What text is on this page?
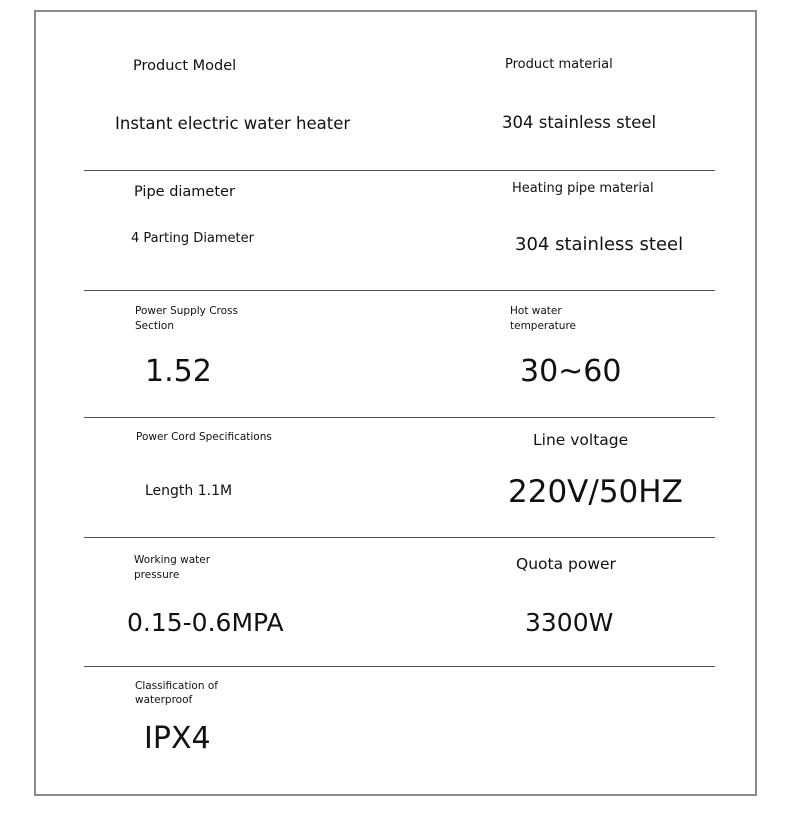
Product Model
Instant electric water heater
Product material
304 stainless steel
Pipe diameter
4 Parting Diameter
Heating pipe material
304 stainless steel
Power Supply Cross
Section
1.52
Hot water
temperature
30~60
Power Cord Specifications
Length 1.1M
Line voltage
220V/50HZ
Working water
pressure
0.15-0.6MPA
Quota power
3300W
Classification of
waterproof
IPX4
